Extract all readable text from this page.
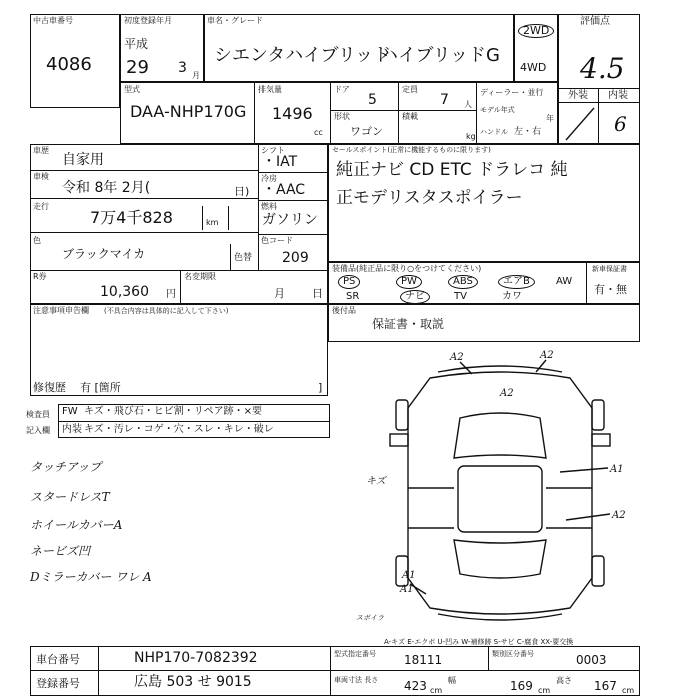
中古車番号
4086
初度登録年月
平成
29 3 月
車名・グレード
シエンタハイブリッド
ハイブリッドG
2WD
4WD
評価点
4.5
外装 内装
6
型式
DAA-NHP170G
排気量
1496
cc
ドア
5
定員
7 人
形状
ワゴン
積載
kg
ディーラー・並行
モデル年式
年
ハンドル 左・右
車歴
自家用
車検
令和 8年 2月(	日)
走行
7万4千828	km
シフト
・IAT
冷房
・AAC
燃料
ガソリン
色コード
209
色
ブラックマイカ	色替
R券
10,360 円
名変期限
月 日
注意事項申告欄 (不具合内容は具体的に記入して下さい)
修復歴 有 [箇所	]
セールスポイント(正常に機能するものに限ります)
純正ナビ CD ETC ドラレコ 純
正モデリスタスポイラー
装備品(純正品に限り○をつけてください)	新車保証書
有・無
PS	PW	ABS	エアB	AW
SR	ナビ	TV	カワ
後付品
保証書・取説
検査員
記入欄
FW キズ・飛び石・ヒビ割・リペア跡・×要
内装 キズ・汚レ・コゲ・穴・スレ・キレ・破レ
タッチアップ
スタードレスT
ホイールカバーA
ネービズ凹
Dミラーカバー ワレ A
A2	A2
A2
A1
A2
A1
A1
キズ
スポイラ
A-キズ E-エクボ U-凹み W-補修跡 S-サビ C-腐食 XX-要交換
車台番号	NHP170-7082392
登録番号	広島 503 せ 9015
型式指定番号 18111	類別区分番号	0003
車両寸法 長さ 423 cm
幅	169 cm
高さ 167 cm
